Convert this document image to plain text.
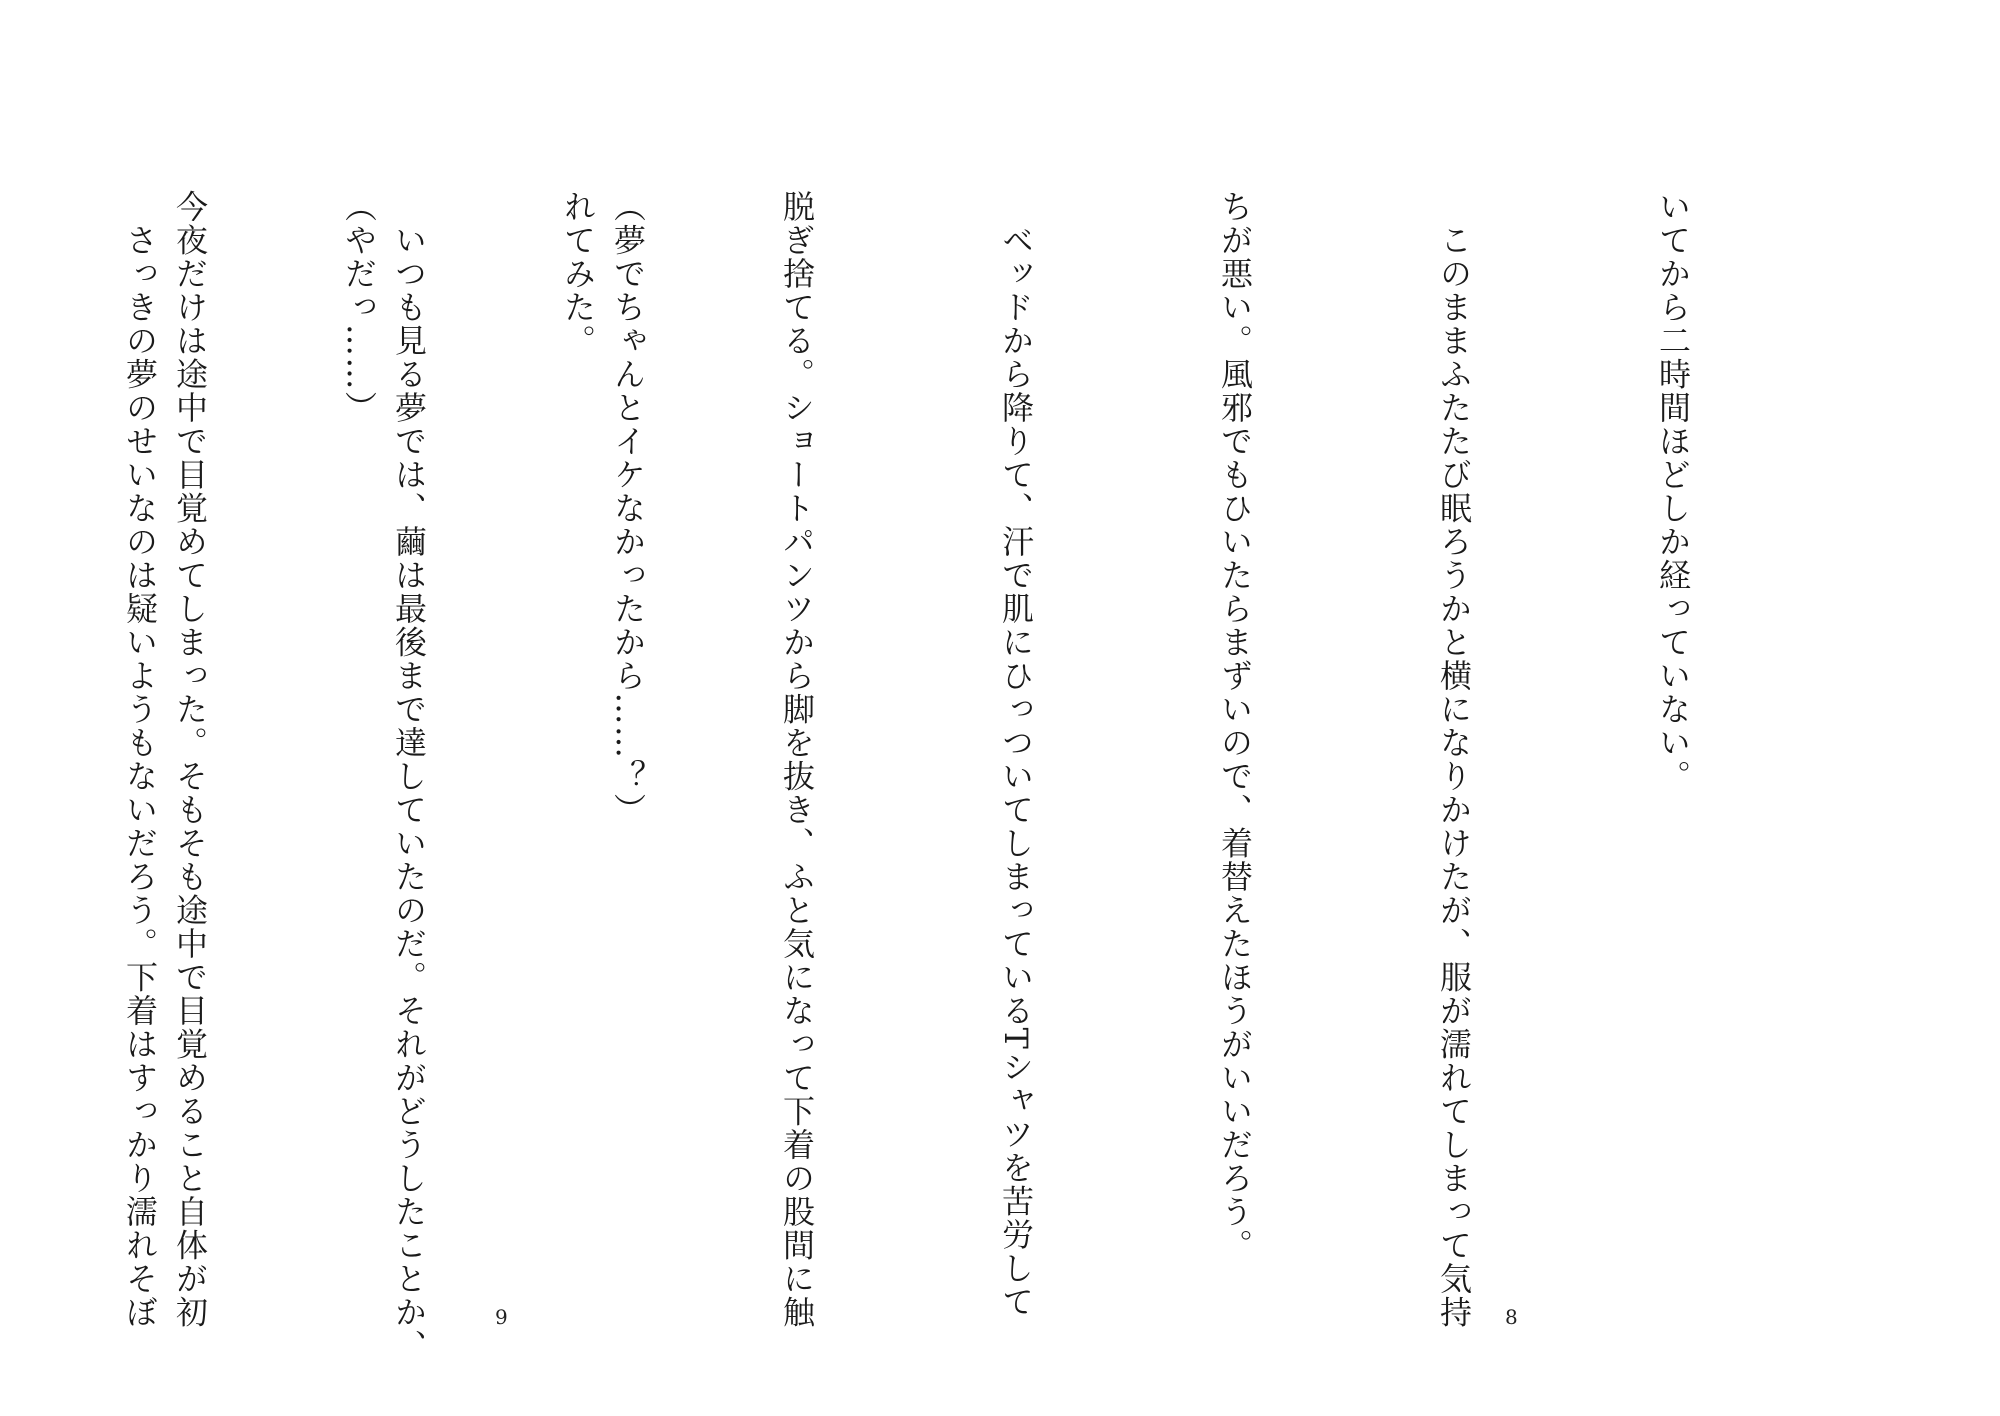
いてから二時間ほどしか経っていない。

　このままふたたび眠ろうかと横になりかけたが、服が濡れてしまって気持

ちが悪い。風邪でもひいたらまずいので、着替えたほうがいいだろう。

　ベッドから降りて、汗で肌にひっついてしまっているTシャツを苦労して

脱ぎ捨てる。ショートパンツから脚を抜き、ふと気になって下着の股間に触

れてみた。

（やだっ……）

　さっきの夢のせいなのは疑いようもないだろう。下着はすっかり濡れそぼ

	8

（夢でちゃんとイケなかったから……？）

　いつも見る夢では、繭は最後まで達していたのだ。それがどうしたことか、

今夜だけは途中で目覚めてしまった。そもそも途中で目覚めること自体が初

	9
